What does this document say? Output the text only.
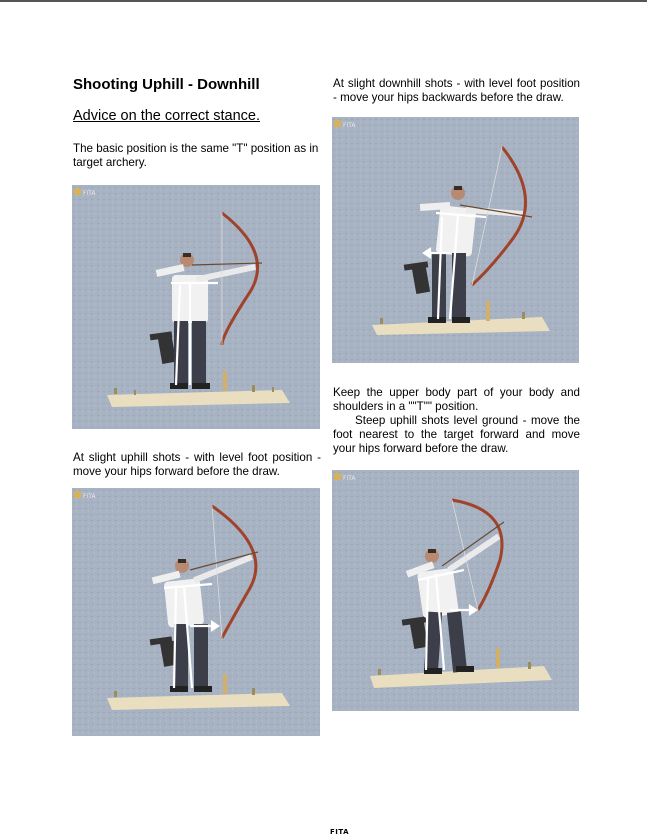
Shooting Uphill - Downhill
Advice on the correct stance.
The basic position is the same "T" position as in target archery.
FITA
At slight uphill shots - with level foot position - move your hips forward before the draw.
FITA
At slight downhill shots - with level foot position - move your hips backwards before the draw.
FITA
Keep the upper body part of your body and shoulders in a ""T"" position.
Steep uphill shots level ground - move the foot nearest to the target forward and move your hips forward before the draw.
FITA
FITA
